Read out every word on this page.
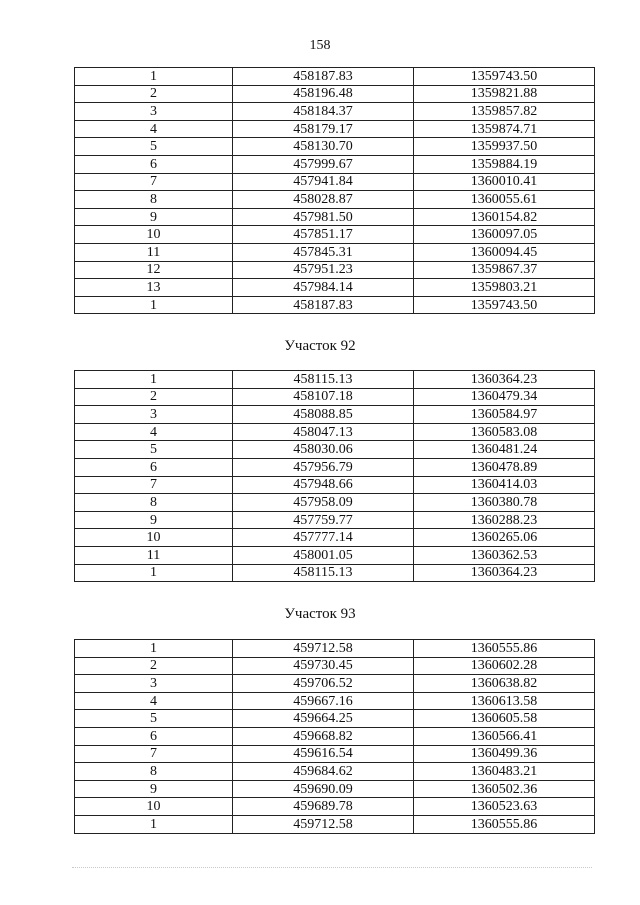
158
1	458187.83	1359743.50
2	458196.48	1359821.88
3	458184.37	1359857.82
4	458179.17	1359874.71
5	458130.70	1359937.50
6	457999.67	1359884.19
7	457941.84	1360010.41
8	458028.87	1360055.61
9	457981.50	1360154.82
10	457851.17	1360097.05
11	457845.31	1360094.45
12	457951.23	1359867.37
13	457984.14	1359803.21
1	458187.83	1359743.50
Участок 92
1	458115.13	1360364.23
2	458107.18	1360479.34
3	458088.85	1360584.97
4	458047.13	1360583.08
5	458030.06	1360481.24
6	457956.79	1360478.89
7	457948.66	1360414.03
8	457958.09	1360380.78
9	457759.77	1360288.23
10	457777.14	1360265.06
11	458001.05	1360362.53
1	458115.13	1360364.23
Участок 93
1	459712.58	1360555.86
2	459730.45	1360602.28
3	459706.52	1360638.82
4	459667.16	1360613.58
5	459664.25	1360605.58
6	459668.82	1360566.41
7	459616.54	1360499.36
8	459684.62	1360483.21
9	459690.09	1360502.36
10	459689.78	1360523.63
1	459712.58	1360555.86
